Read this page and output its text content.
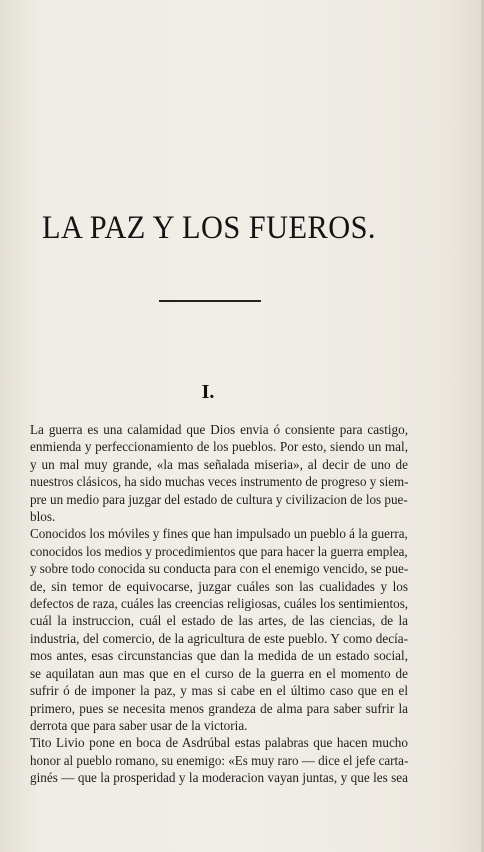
LA PAZ Y LOS FUEROS.
I.

La guerra es una calamidad que Dios envia ó consiente para castigo,
enmienda y perfeccionamiento de los pueblos. Por esto, siendo un mal,
y un mal muy grande, «la mas señalada miseria», al decir de uno de
nuestros clásicos, ha sido muchas veces instrumento de progreso y siem-
pre un medio para juzgar del estado de cultura y civilizacion de los pue-
blos.

Conocidos los móviles y fines que han impulsado un pueblo á la guerra,
conocidos los medios y procedimientos que para hacer la guerra emplea,
y sobre todo conocida su conducta para con el enemigo vencido, se pue-
de, sin temor de equivocarse, juzgar cuáles son las cualidades y los
defectos de raza, cuáles las creencias religiosas, cuáles los sentimientos,
cuál la instruccion, cuál el estado de las artes, de las ciencias, de la
industria, del comercio, de la agricultura de este pueblo. Y como decía-
mos antes, esas circunstancias que dan la medida de un estado social,
se aquilatan aun mas que en el curso de la guerra en el momento de
sufrir ó de imponer la paz, y mas si cabe en el último caso que en el
primero, pues se necesita menos grandeza de alma para saber sufrir la
derrota que para saber usar de la victoria.

Tito Livio pone en boca de Asdrúbal estas palabras que hacen mucho
honor al pueblo romano, su enemigo: «Es muy raro — dice el jefe carta-
ginés — que la prosperidad y la moderacion vayan juntas, y que les sea
